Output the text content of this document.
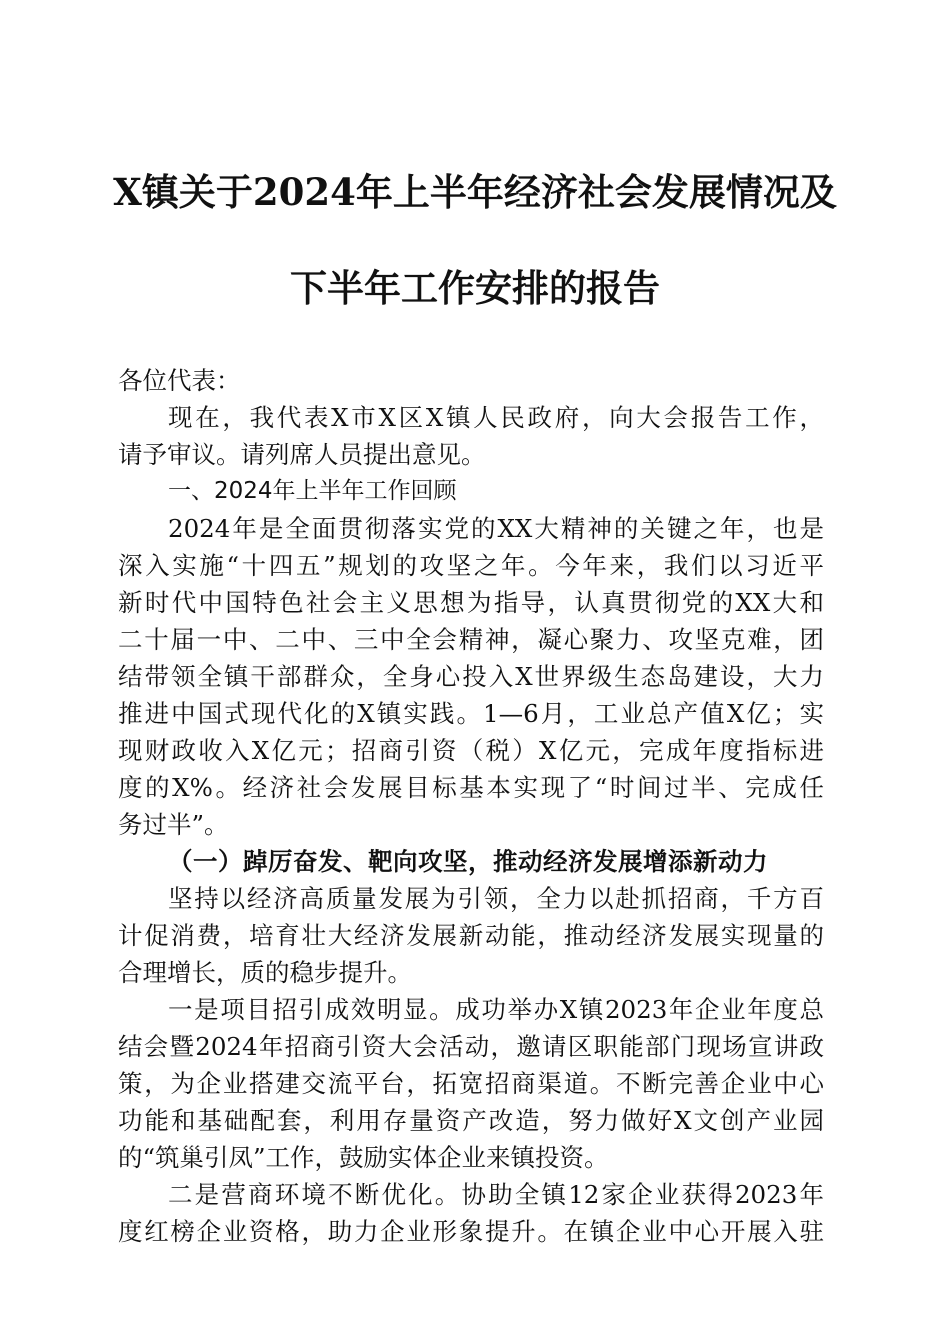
X镇关于2024年上半年经济社会发展情况及
下半年工作安排的报告
各位代表：
现在，我代表X市X区X镇人民政府，向大会报告工作，
请予审议。请列席人员提出意见。
一、2024年上半年工作回顾
2024年是全面贯彻落实党的XX大精神的关键之年，也是
深入实施“十四五”规划的攻坚之年。今年来，我们以习近平
新时代中国特色社会主义思想为指导，认真贯彻党的XX大和
二十届一中、二中、三中全会精神，凝心聚力、攻坚克难，团
结带领全镇干部群众，全身心投入X世界级生态岛建设，大力
推进中国式现代化的X镇实践。1—6月，工业总产值X亿；实
现财政收入X亿元；招商引资（税）X亿元，完成年度指标进
度的X%。经济社会发展目标基本实现了“时间过半、完成任
务过半”。
（一）踔厉奋发、靶向攻坚，推动经济发展增添新动力
坚持以经济高质量发展为引领，全力以赴抓招商，千方百
计促消费，培育壮大经济发展新动能，推动经济发展实现量的
合理增长，质的稳步提升。
一是项目招引成效明显。成功举办X镇2023年企业年度总
结会暨2024年招商引资大会活动，邀请区职能部门现场宣讲政
策，为企业搭建交流平台，拓宽招商渠道。不断完善企业中心
功能和基础配套，利用存量资产改造，努力做好X文创产业园
的“筑巢引凤”工作，鼓励实体企业来镇投资。
二是营商环境不断优化。协助全镇12家企业获得2023年
度红榜企业资格，助力企业形象提升。在镇企业中心开展入驻
